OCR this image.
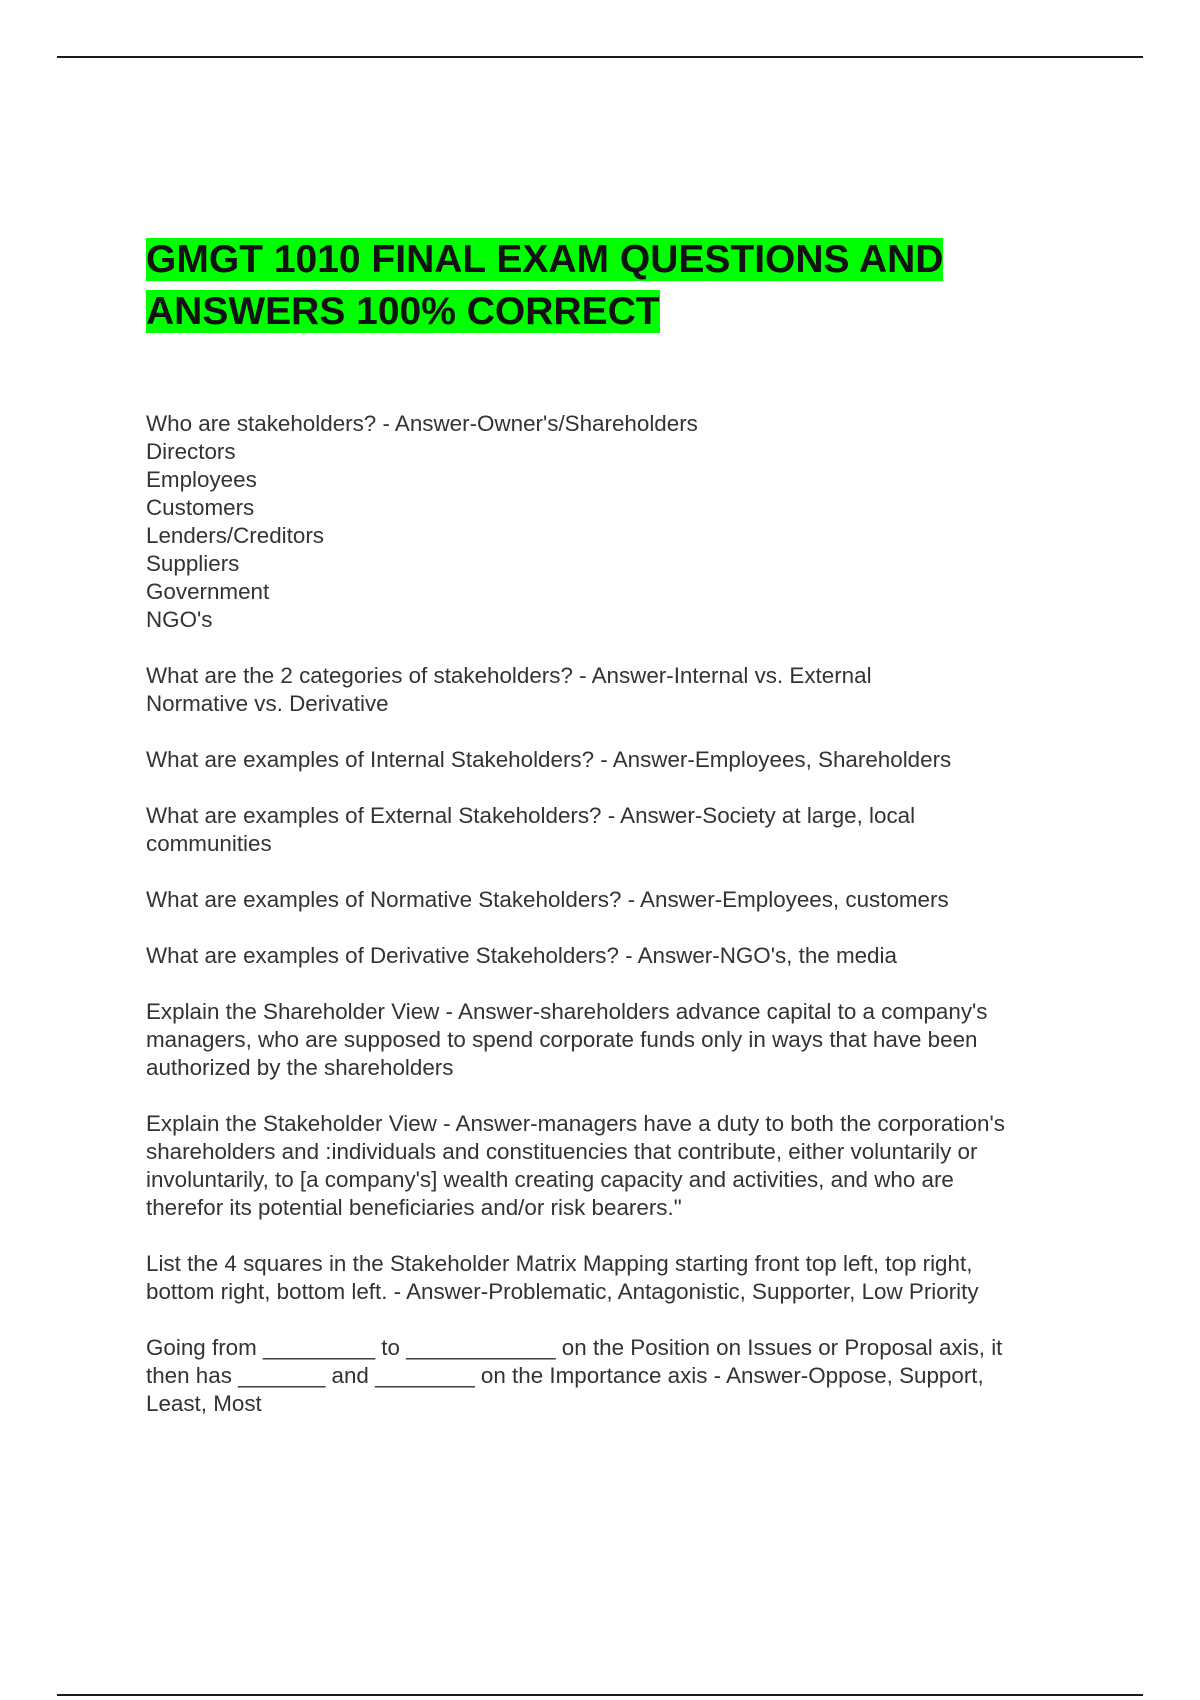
GMGT 1010 FINAL EXAM QUESTIONS AND
ANSWERS 100% CORRECT
Who are stakeholders? - Answer-Owner's/Shareholders
Directors
Employees
Customers
Lenders/Creditors
Suppliers
Government
NGO's
What are the 2 categories of stakeholders? - Answer-Internal vs. External
Normative vs. Derivative
What are examples of Internal Stakeholders? - Answer-Employees, Shareholders
What are examples of External Stakeholders? - Answer-Society at large, local
communities
What are examples of Normative Stakeholders? - Answer-Employees, customers
What are examples of Derivative Stakeholders? - Answer-NGO's, the media
Explain the Shareholder View - Answer-shareholders advance capital to a company's
managers, who are supposed to spend corporate funds only in ways that have been
authorized by the shareholders
Explain the Stakeholder View - Answer-managers have a duty to both the corporation's
shareholders and :individuals and constituencies that contribute, either voluntarily or
involuntarily, to [a company's] wealth creating capacity and activities, and who are
therefor its potential beneficiaries and/or risk bearers."
List the 4 squares in the Stakeholder Matrix Mapping starting front top left, top right,
bottom right, bottom left. - Answer-Problematic, Antagonistic, Supporter, Low Priority
Going from _________ to ____________ on the Position on Issues or Proposal axis, it
then has _______ and ________ on the Importance axis - Answer-Oppose, Support,
Least, Most
